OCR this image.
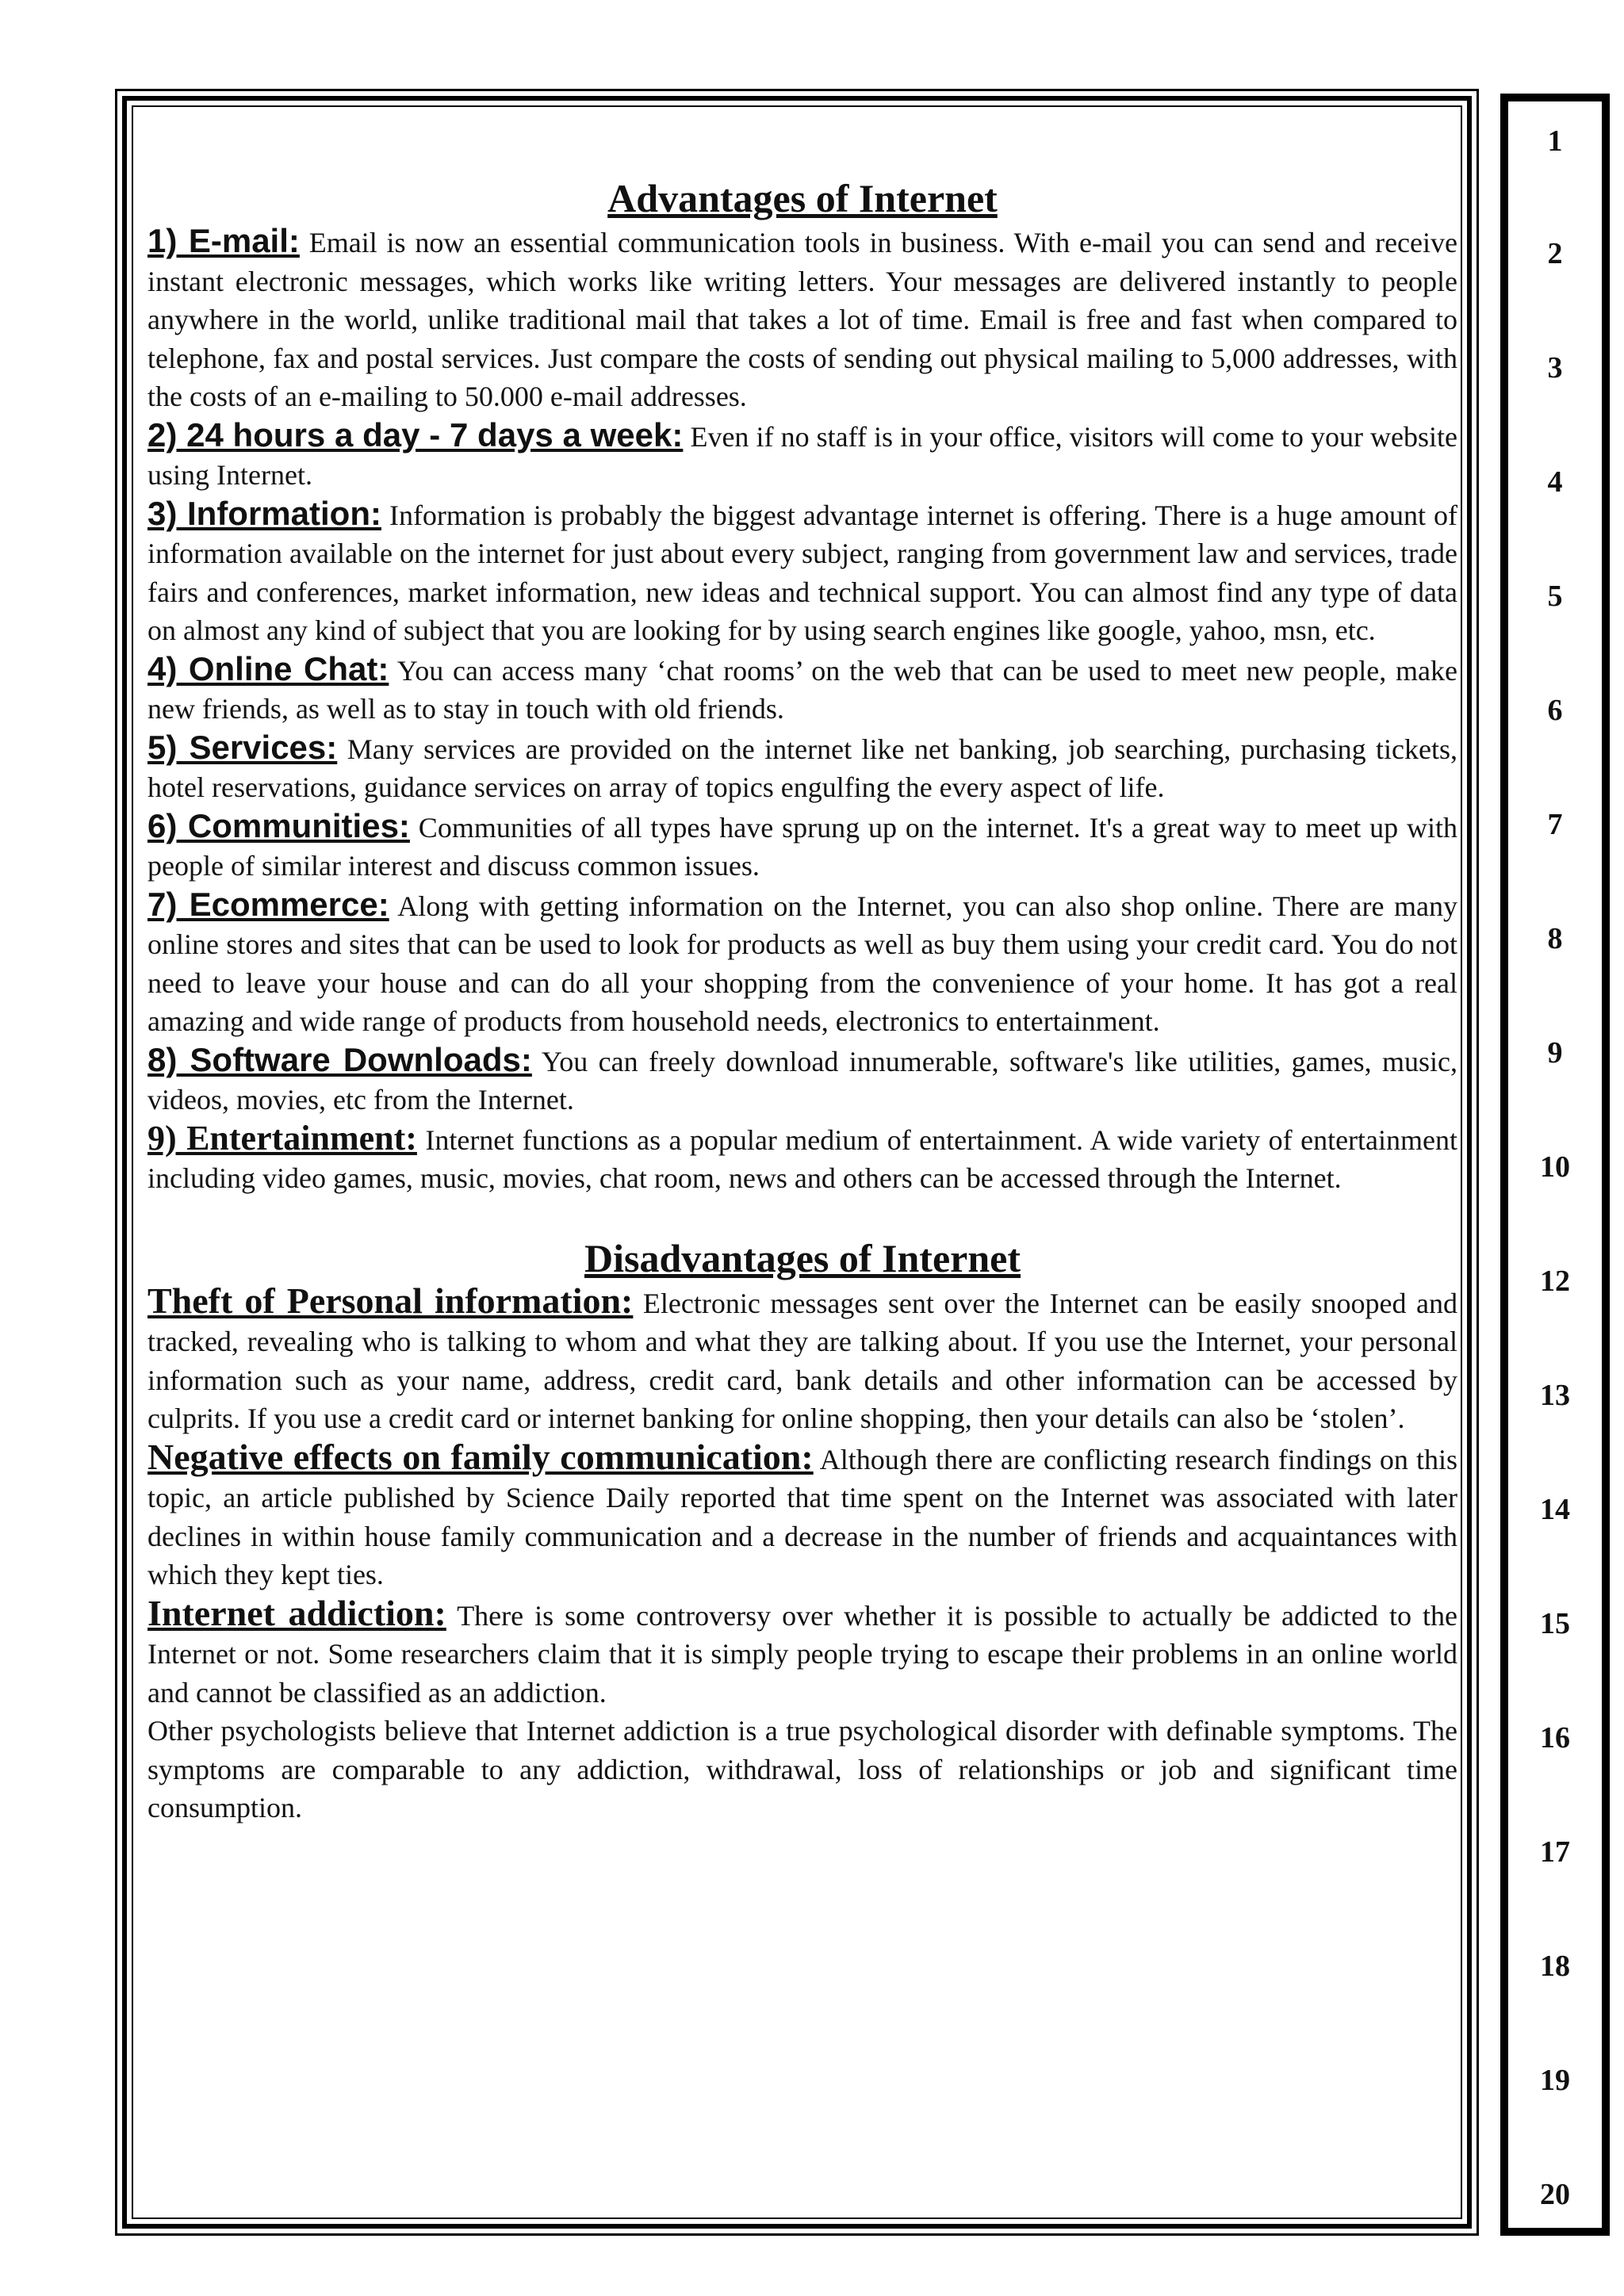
Advantages of Internet

1) E-mail: Email is now an essential communication tools in business. With e-mail you can send and receive instant electronic messages, which works like writing letters. Your messages are delivered instantly to people anywhere in the world, unlike traditional mail that takes a lot of time. Email is free and fast when compared to telephone, fax and postal services. Just compare the costs of sending out physical mailing to 5,000 addresses, with the costs of an e-mailing to 50.000 e-mail addresses.

2) 24 hours a day - 7 days a week: Even if no staff is in your office, visitors will come to your website using Internet.

3) Information: Information is probably the biggest advantage internet is offering. There is a huge amount of information available on the internet for just about every subject, ranging from government law and services, trade fairs and conferences, market information, new ideas and technical support. You can almost find any type of data on almost any kind of subject that you are looking for by using search engines like google, yahoo, msn, etc.

4) Online Chat: You can access many ‘chat rooms’ on the web that can be used to meet new people, make new friends, as well as to stay in touch with old friends.

5) Services: Many services are provided on the internet like net banking, job searching, purchasing tickets, hotel reservations, guidance services on array of topics engulfing the every aspect of life.

6) Communities: Communities of all types have sprung up on the internet. It's a great way to meet up with people of similar interest and discuss common issues.

7) Ecommerce: Along with getting information on the Internet, you can also shop online. There are many online stores and sites that can be used to look for products as well as buy them using your credit card. You do not need to leave your house and can do all your shopping from the convenience of your home. It has got a real amazing and wide range of products from household needs, electronics to entertainment.

8) Software Downloads: You can freely download innumerable, software's like utilities, games, music, videos, movies, etc from the Internet.

9) Entertainment: Internet functions as a popular medium of entertainment. A wide variety of entertainment including video games, music, movies, chat room, news and others can be accessed through the Internet.

Disadvantages of Internet

Theft of Personal information: Electronic messages sent over the Internet can be easily snooped and tracked, revealing who is talking to whom and what they are talking about. If you use the Internet, your personal information such as your name, address, credit card, bank details and other information can be accessed by culprits. If you use a credit card or internet banking for online shopping, then your details can also be ‘stolen’.

Negative effects on family communication: Although there are conflicting research findings on this topic, an article published by Science Daily reported that time spent on the Internet was associated with later declines in within house family communication and a decrease in the number of friends and acquaintances with which they kept ties.

Internet addiction: There is some controversy over whether it is possible to actually be addicted to the Internet or not. Some researchers claim that it is simply people trying to escape their problems in an online world and cannot be classified as an addiction.

Other psychologists believe that Internet addiction is a true psychological disorder with definable symptoms. The symptoms are comparable to any addiction, withdrawal, loss of relationships or job and significant time consumption.

1
2
3
4
5
6
7
8
9
10
12
13
14
15
16
17
18
19
20
